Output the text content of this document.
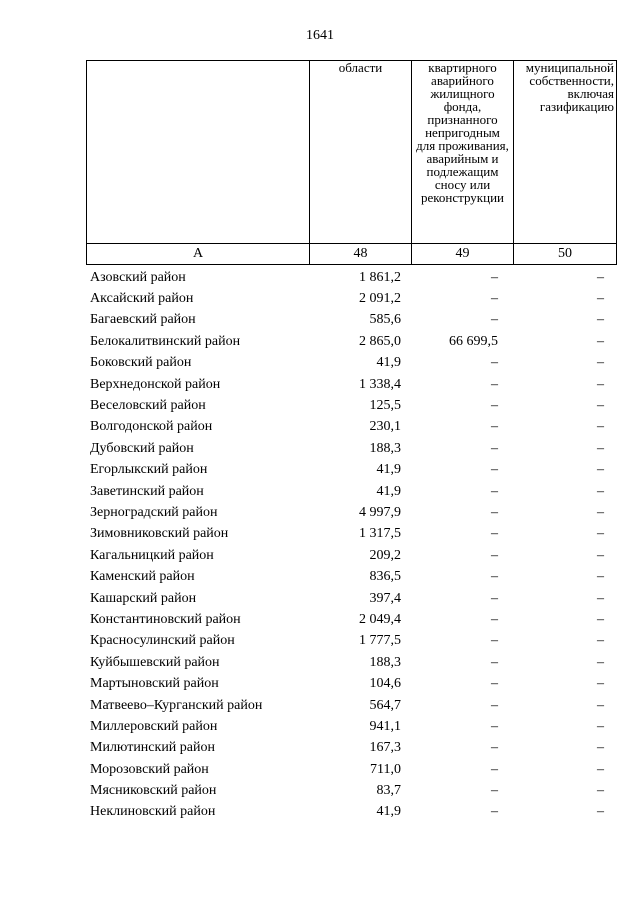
1641
	области	квартирного аварийного жилищного фонда, признанного непригодным для проживания, аварийным и подлежащим сносу или реконструкции	муниципальной собственности, включая газификацию
А	48	49	50
Азовский район	1 861,2	–	–
Аксайский район	2 091,2	–	–
Багаевский район	585,6	–	–
Белокалитвинский район	2 865,0	66 699,5	–
Боковский район	41,9	–	–
Верхнедонской район	1 338,4	–	–
Веселовский район	125,5	–	–
Волгодонской район	230,1	–	–
Дубовский район	188,3	–	–
Егорлыкский район	41,9	–	–
Заветинский район	41,9	–	–
Зерноградский район	4 997,9	–	–
Зимовниковский район	1 317,5	–	–
Кагальницкий район	209,2	–	–
Каменский район	836,5	–	–
Кашарский район	397,4	–	–
Константиновский район	2 049,4	–	–
Красносулинский район	1 777,5	–	–
Куйбышевский район	188,3	–	–
Мартыновский район	104,6	–	–
Матвеево–Курганский район	564,7	–	–
Миллеровский район	941,1	–	–
Милютинский район	167,3	–	–
Морозовский район	711,0	–	–
Мясниковский район	83,7	–	–
Неклиновский район	41,9	–	–
